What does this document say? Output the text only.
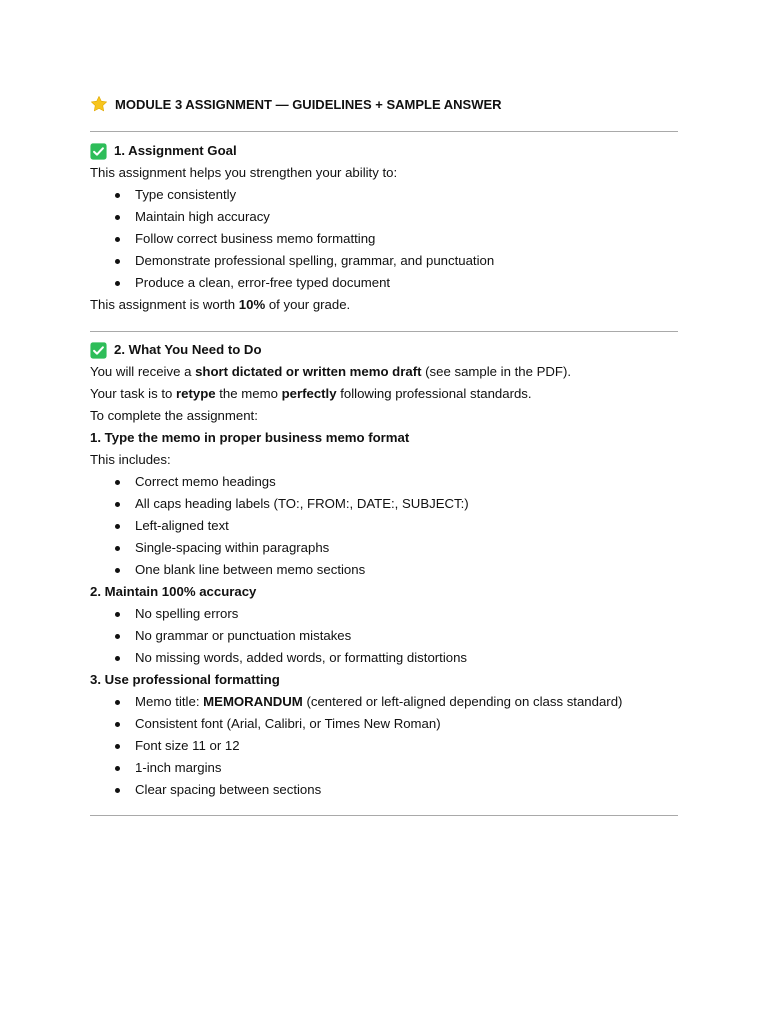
MODULE 3 ASSIGNMENT — GUIDELINES + SAMPLE ANSWER
1. Assignment Goal
This assignment helps you strengthen your ability to:
Type consistently
Maintain high accuracy
Follow correct business memo formatting
Demonstrate professional spelling, grammar, and punctuation
Produce a clean, error-free typed document
This assignment is worth 10% of your grade.
2. What You Need to Do
You will receive a short dictated or written memo draft (see sample in the PDF).
Your task is to retype the memo perfectly following professional standards.
To complete the assignment:
1. Type the memo in proper business memo format
This includes:
Correct memo headings
All caps heading labels (TO:, FROM:, DATE:, SUBJECT:)
Left-aligned text
Single-spacing within paragraphs
One blank line between memo sections
2. Maintain 100% accuracy
No spelling errors
No grammar or punctuation mistakes
No missing words, added words, or formatting distortions
3. Use professional formatting
Memo title: MEMORANDUM (centered or left-aligned depending on class standard)
Consistent font (Arial, Calibri, or Times New Roman)
Font size 11 or 12
1-inch margins
Clear spacing between sections
